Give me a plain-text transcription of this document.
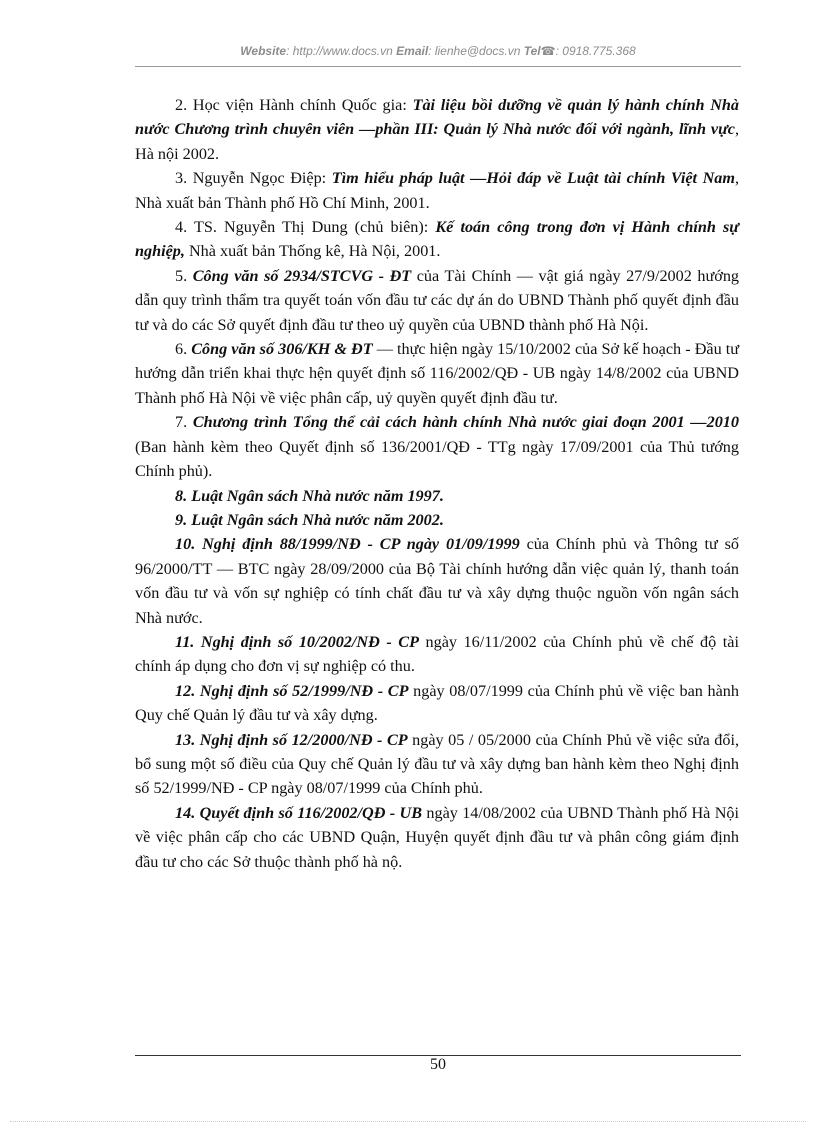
Website: http://www.docs.vn Email: lienhe@docs.vn Tel☎: 0918.775.368

2. Học viện Hành chính Quốc gia: Tài liệu bồi dưỡng về quản lý hành chính Nhà nước Chương trình chuyên viên —phần III: Quản lý Nhà nước đối với ngành, lĩnh vực, Hà nội 2002.

3. Nguyễn Ngọc Điệp: Tìm hiểu pháp luật —Hỏi đáp về Luật tài chính Việt Nam, Nhà xuất bản Thành phố Hồ Chí Minh, 2001.

4. TS. Nguyễn Thị Dung (chủ biên): Kế toán công trong đơn vị Hành chính sự nghiệp, Nhà xuất bản Thống kê, Hà Nội, 2001.

5. Công văn số 2934/STCVG - ĐT của Tài Chính — vật giá ngày 27/9/2002 hướng dẫn quy trình thẩm tra quyết toán vốn đầu tư các dự án do UBND Thành phố quyết định đầu tư và do các Sở quyết định đầu tư theo uỷ quyền của UBND thành phố Hà Nội.

6. Công văn số 306/KH & ĐT — thực hiện ngày 15/10/2002 của Sở kế hoạch - Đầu tư hướng dẫn triển khai thực hện quyết định số 116/2002/QĐ - UB ngày 14/8/2002 của UBND Thành phố Hà Nội về việc phân cấp, uỷ quyền quyết định đầu tư.

7. Chương trình Tổng thể cải cách hành chính Nhà nước giai đoạn 2001 —2010 (Ban hành kèm theo Quyết định số 136/2001/QĐ - TTg ngày 17/09/2001 của Thủ tướng Chính phủ).

8. Luật Ngân sách Nhà nước năm 1997.

9. Luật Ngân sách Nhà nước năm 2002.

10. Nghị định 88/1999/NĐ - CP ngày 01/09/1999 của Chính phủ và Thông tư số 96/2000/TT — BTC ngày 28/09/2000 của Bộ Tài chính hướng dẫn việc quản lý, thanh toán vốn đầu tư và vốn sự nghiệp có tính chất đầu tư và xây dựng thuộc nguồn vốn ngân sách Nhà nước.

11. Nghị định số 10/2002/NĐ - CP ngày 16/11/2002 của Chính phủ về chế độ tài chính áp dụng cho đơn vị sự nghiệp có thu.

12. Nghị định số 52/1999/NĐ - CP ngày 08/07/1999 của Chính phủ về việc ban hành Quy chế Quản lý đầu tư và xây dựng.

13. Nghị định số 12/2000/NĐ - CP ngày 05 / 05/2000 của Chính Phủ về việc sửa đổi, bổ sung một số điều của Quy chế Quản lý đầu tư và xây dựng ban hành kèm theo Nghị định số 52/1999/NĐ - CP ngày 08/07/1999 của Chính phủ.

14. Quyết định số 116/2002/QĐ - UB ngày 14/08/2002 của UBND Thành phố Hà Nội về việc phân cấp cho các UBND Quận, Huyện quyết định đầu tư và phân công giám định đầu tư cho các Sở thuộc thành phố hà nộ.

50
